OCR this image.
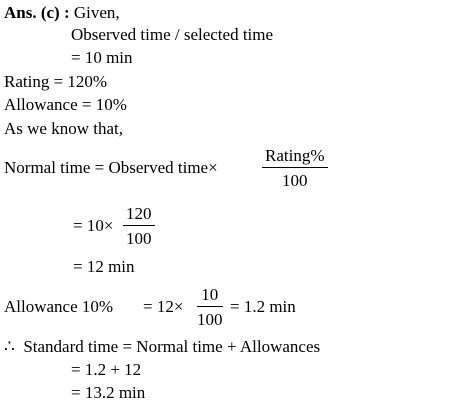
Ans. (c) : Given,
Observed time / selected time
= 10 min
Rating = 120%
Allowance = 10%
As we know that,
Normal time = Observed time×
Rating%
100
= $10\times \frac{120}{100}$
= 12 min
Allowance $10\% = 12\times \frac{10}{100} = 1.2$ min
∴ Standard time = Normal time + Allowances
= 1.2 + 12
= 13.2 min
